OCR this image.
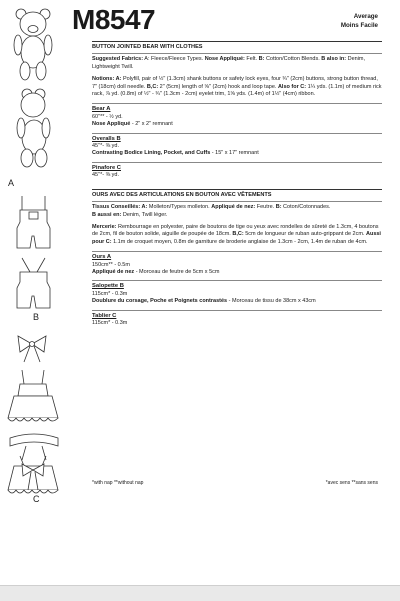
A
B
C
M8547	Average
Moins Facile
BUTTON JOINTED BEAR WITH CLOTHES

Suggested Fabrics: A: Fleece/Fleece Types. Nose Appliqué: Felt. B: Cotton/Cotton Blends. B also in: Denim, Lightweight Twill.

Notions: A: Polyfill, pair of ½" (1.3cm) shank buttons or safety lock eyes, four ¾" (2cm) buttons, strong button thread, 7" (18cm) doll needle. B,C: 2" (5cm) length of ⅝" (2cm) hook and loop tape. Also for C: 1¼ yds. (1.1m) of medium rick rack, ⅞ yd. (0.8m) of ½" - ¾" (1.3cm - 2cm) eyelet trim, 1⅝ yds. (1.4m) of 1½" (4cm) ribbon.

Bear A

60"** - ½ yd.

Nose Appliqué - 2" x 2" remnant

Overalls B

45"*- ⅜ yd.

Contrasting Bodice Lining, Pocket, and Cuffs - 15" x 17" remnant

Pinafore C

45"*- ⅜ yd.

OURS AVEC DES ARTICULATIONS EN BOUTON AVEC VÊTEMENTS

Tissus Conseillés: A: Molleton/Types molleton. Appliqué de nez: Feutre. B: Coton/Cotonnades.
B aussi en: Denim, Twill léger.

Mercerie: Rembourrage en polyester, paire de boutons de tige ou yeux avec rondelles de sûreté de 1.3cm, 4 boutons de 2cm, fil de bouton solide, aiguille de poupée de 18cm. B,C: 5cm de longueur de ruban auto-grippant de 2cm. Aussi pour C: 1.1m de croquet moyen, 0.8m de garniture de broderie anglaise de 1.3cm - 2cm, 1.4m de ruban de 4cm.

Ours A

150cm** - 0.5m

Appliqué de nez - Morceau de feutre de 5cm x 5cm

Salopette B

115cm* - 0.3m

Doublure du corsage, Poche et Poignets contrastés - Morceau de tissu de 38cm x 43cm

Tablier C

115cm* - 0.3m

*with nap **without nap	*avec sens **sans sens
